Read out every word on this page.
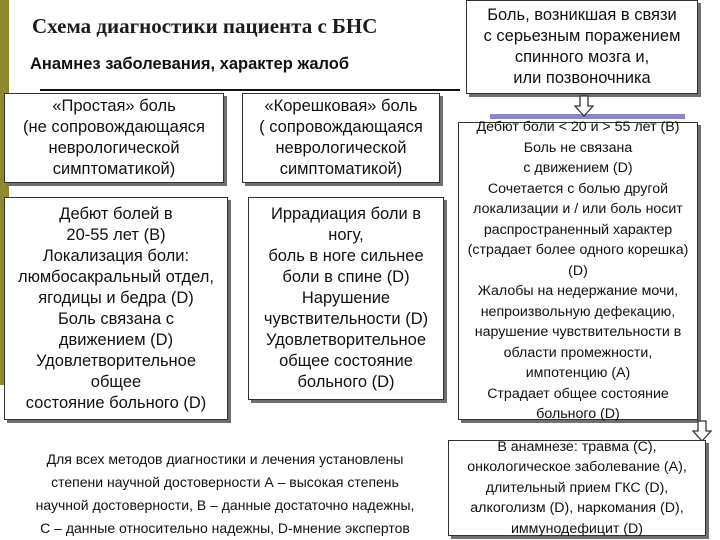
Схема диагностики пациента с БНС
Анамнез заболевания, характер жалоб
«Простая» боль
(не сопровождающаяся
неврологической
симптоматикой)
«Корешковая» боль
( сопровождающаяся
неврологической
симптоматикой)
Боль, возникшая в связи
с серьезным поражением
спинного мозга и,
или позвоночника
Дебют болей в
20-55 лет (B)
Локализация боли:
люмбосакральный отдел,
ягодицы и бедра (D)
Боль связана с
движением (D)
Удовлетворительное
общее
состояние больного (D)
Иррадиация боли в
ногу,
боль в ноге сильнее
боли в спине (D)
Нарушение
чувствительности (D)
Удовлетворительное
общее состояние
больного (D)
Дебют боли < 20 и > 55 лет (B)
Боль не связана
с движением (D)
Сочетается с болью другой
локализации и / или боль носит
распространенный характер
(страдает более одного корешка)
(D)
Жалобы на недержание мочи,
непроизвольную дефекацию,
нарушение чувствительности в
области промежности,
импотенцию (А)
Страдает общее состояние
больного (D)
В анамнезе: травма (С),
онкологическое заболевание (А),
длительный прием ГКС (D),
алкоголизм (D), наркомания (D),
иммунодефицит (D)
Для всех методов диагностики и лечения установлены
степени научной достоверности А – высокая степень
научной достоверности, В – данные достаточно надежны,
С – данные относительно надежны, D-мнение экспертов
